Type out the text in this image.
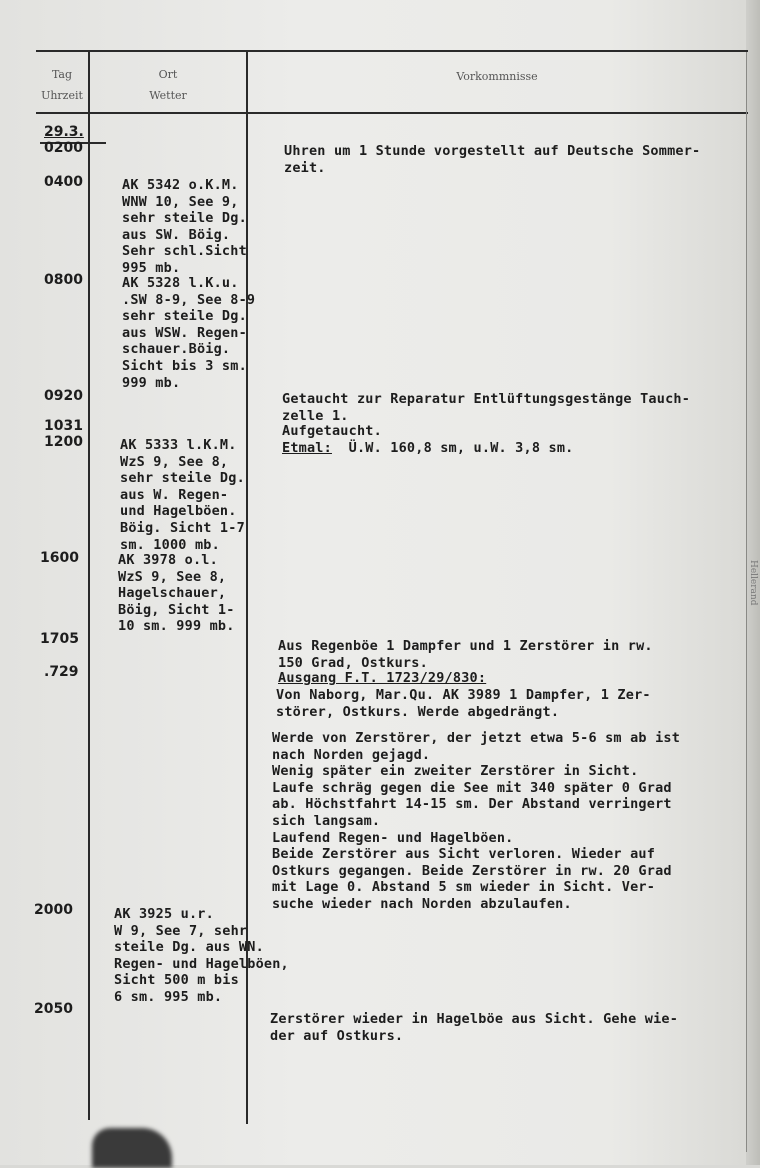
Tag
Uhrzeit
Ort
Wetter
Vorkommnisse
29.3.
0200
0400
0800
0920
1031
1200
1600
1705
.729
2000
2050
AK 5342 o.K.M.
WNW 10, See 9,
sehr steile Dg.
aus SW. Böig.
Sehr schl.Sicht
995 mb.
AK 5328 l.K.u.
.SW 8-9, See 8-9
sehr steile Dg.
aus WSW. Regen-
schauer.Böig.
Sicht bis 3 sm.
999 mb.
AK 5333 l.K.M.
WzS 9, See 8,
sehr steile Dg.
aus W. Regen-
und Hagelböen.
Böig. Sicht 1-7
sm. 1000 mb.
AK 3978 o.l.
WzS 9, See 8,
Hagelschauer,
Böig, Sicht 1-
10 sm. 999 mb.
AK 3925 u.r.
W 9, See 7, sehr
steile Dg. aus WN.
Regen- und Hagelböen,
Sicht 500 m bis
6 sm. 995 mb.
Uhren um 1 Stunde vorgestellt auf Deutsche Sommer-
zeit.
Getaucht zur Reparatur Entlüftungsgestänge Tauch-
zelle 1.
Aufgetaucht.
Etmal:  Ü.W. 160,8 sm, u.W. 3,8 sm.
Aus Regenböe 1 Dampfer und 1 Zerstörer in rw.
150 Grad, Ostkurs.
Ausgang F.T. 1723/29/830:
Von Naborg, Mar.Qu. AK 3989 1 Dampfer, 1 Zer-
störer, Ostkurs. Werde abgedrängt.
Werde von Zerstörer, der jetzt etwa 5-6 sm ab ist
nach Norden gejagd.
Wenig später ein zweiter Zerstörer in Sicht.
Laufe schräg gegen die See mit 340 später 0 Grad
ab. Höchstfahrt 14-15 sm. Der Abstand verringert
sich langsam.
Laufend Regen- und Hagelböen.
Beide Zerstörer aus Sicht verloren. Wieder auf
Ostkurs gegangen. Beide Zerstörer in rw. 20 Grad
mit Lage 0. Abstand 5 sm wieder in Sicht. Ver-
suche wieder nach Norden abzulaufen.
Zerstörer wieder in Hagelböe aus Sicht. Gehe wie-
der auf Ostkurs.
Hellerand
